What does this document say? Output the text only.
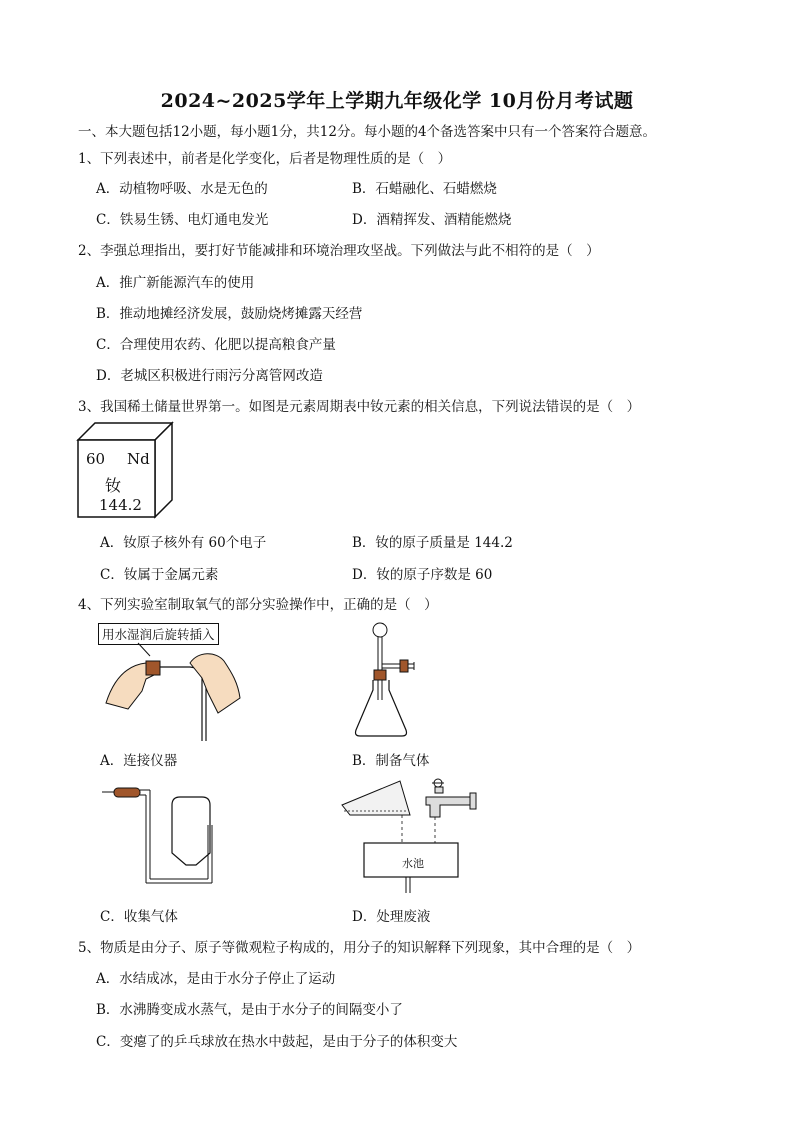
2024~2025学年上学期九年级化学 10月份月考试题
一、本大题包括12小题，每小题1分，共12分。每小题的4个备选答案中只有一个答案符合题意。
1、下列表述中，前者是化学变化，后者是物理性质的是（　）
A．动植物呼吸、水是无色的	B．石蜡融化、石蜡燃烧
C．铁易生锈、电灯通电发光	D．酒精挥发、酒精能燃烧
2、李强总理指出，要打好节能减排和环境治理攻坚战。下列做法与此不相符的是（　）
A．推广新能源汽车的使用
B．推动地摊经济发展，鼓励烧烤摊露天经营
C．合理使用农药、化肥以提高粮食产量
D．老城区积极进行雨污分离管网改造
3、我国稀土储量世界第一。如图是元素周期表中钕元素的相关信息，下列说法错误的是（　）
60 Nd
钕
144.2
A．钕原子核外有 60个电子	B．钕的原子质量是 144.2
C．钕属于金属元素	D．钕的原子序数是 60
4、下列实验室制取氧气的部分实验操作中，正确的是（　）
用水湿润后旋转插入
A．连接仪器	B．制备气体
C．收集气体
水池
D．处理废液
5、物质是由分子、原子等微观粒子构成的，用分子的知识解释下列现象，其中合理的是（　）
A．水结成冰，是由于水分子停止了运动
B．水沸腾变成水蒸气，是由于水分子的间隔变小了
C．变瘪了的乒乓球放在热水中鼓起，是由于分子的体积变大
